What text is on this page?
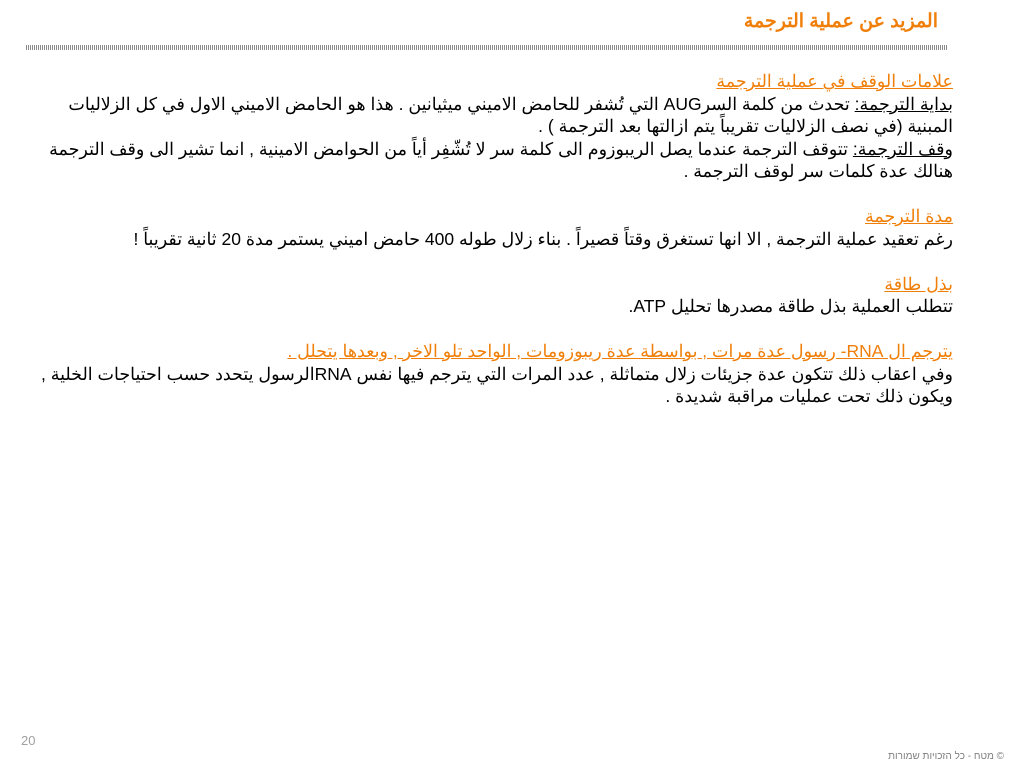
المزيد عن عملية الترجمة

علامات الوقف في عملية الترجمة

بداية الترجمة: تحدث من كلمة السرAUG التي تُشفر للحامض الاميني ميثيانين . هذا هو الحامض الاميني الاول في كل الزلاليات المبنية (في نصف الزلاليات تقريباً يتم ازالتها بعد الترجمة ) .

وقف الترجمة: تتوقف الترجمة عندما يصل الريبوزوم الى كلمة سر لا تُشّفِر أياً من الحوامض الامينية , انما تشير الى وقف الترجمة هنالك عدة كلمات سر لوقف الترجمة .

مدة الترجمة

رغم تعقيد عملية الترجمة , الا انها تستغرق وقتاً قصيراً . بناء زلال طوله 400 حامض اميني يستمر مدة 20 ثانية تقريباً !

بذل طاقة

تتطلب العملية بذل طاقة مصدرها تحليل ATP.

يترجم ال RNA- رسول عدة مرات , بواسطة عدة ريبوزومات , الواحد تلو الاخر , وبعدها يتحلل .

وفي اعقاب ذلك تتكون عدة جزيئات زلال متماثلة , عدد المرات التي يترجم فيها نفس RNAالرسول يتحدد حسب احتياجات الخلية , ويكون ذلك تحت عمليات مراقبة شديدة .

20
© מטח - כל הזכויות שמורות
